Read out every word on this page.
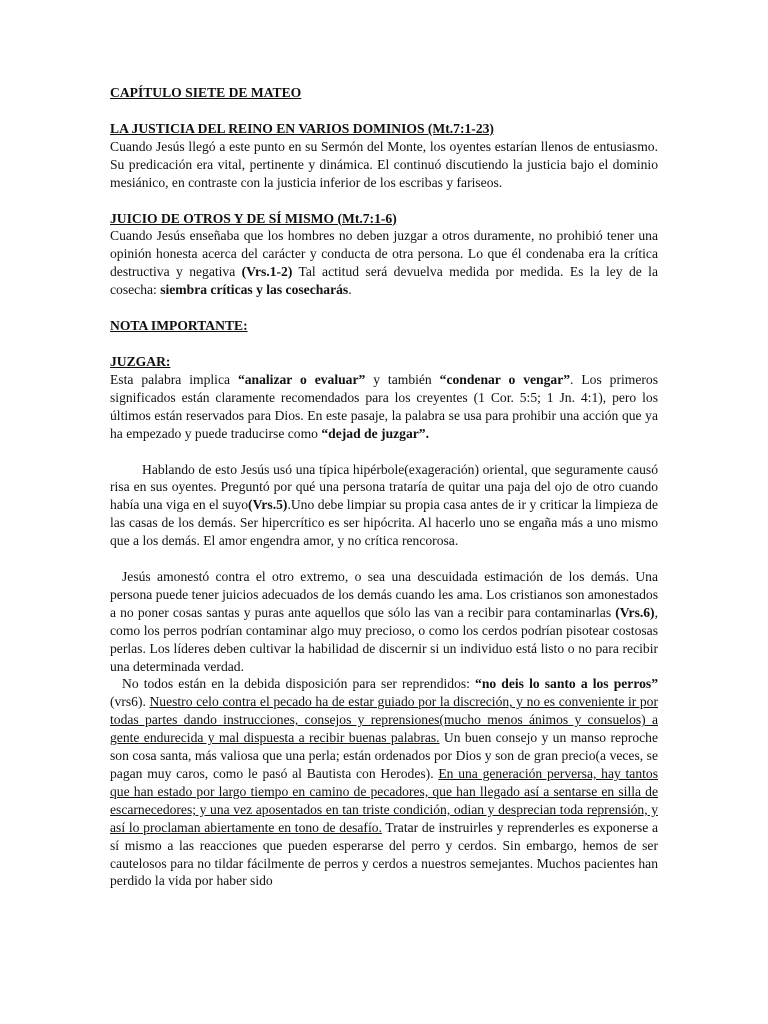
CAPÍTULO SIETE DE MATEO

LA JUSTICIA DEL REINO EN VARIOS DOMINIOS (Mt.7:1-23)

Cuando Jesús llegó a este punto en su Sermón del Monte, los oyentes estarían llenos de entusiasmo. Su predicación era vital, pertinente y dinámica. El continuó discutiendo la justicia bajo el dominio mesiánico, en contraste con la justicia inferior de los escribas y fariseos.

JUICIO DE OTROS Y DE SÍ MISMO (Mt.7:1-6)

Cuando Jesús enseñaba que los hombres no deben juzgar a otros duramente, no prohibió tener una opinión honesta acerca del carácter y conducta de otra persona. Lo que él condenaba era la crítica destructiva y negativa (Vrs.1-2) Tal actitud será devuelva medida por medida. Es la ley de la cosecha: siembra críticas y las cosecharás.

NOTA IMPORTANTE:

JUZGAR:

Esta palabra implica “analizar o evaluar” y también “condenar o vengar”. Los primeros significados están claramente recomendados para los creyentes (1 Cor. 5:5; 1 Jn. 4:1), pero los últimos están reservados para Dios. En este pasaje, la palabra se usa para prohibir una acción que ya ha empezado y puede traducirse como “dejad de juzgar”.

Hablando de esto Jesús usó una típica hipérbole(exageración) oriental, que seguramente causó risa en sus oyentes. Preguntó por qué una persona trataría de quitar una paja del ojo de otro cuando había una viga en el suyo(Vrs.5).Uno debe limpiar su propia casa antes de ir y criticar la limpieza de las casas de los demás. Ser hipercrítico es ser hipócrita. Al hacerlo uno se engaña más a uno mismo que a los demás. El amor engendra amor, y no crítica rencorosa.

Jesús amonestó contra el otro extremo, o sea una descuidada estimación de los demás. Una persona puede tener juicios adecuados de los demás cuando les ama. Los cristianos son amonestados a no poner cosas santas y puras ante aquellos que sólo las van a recibir para contaminarlas (Vrs.6), como los perros podrían contaminar algo muy precioso, o como los cerdos podrían pisotear costosas perlas. Los líderes deben cultivar la habilidad de discernir si un individuo está listo o no para recibir una determinada verdad.

No todos están en la debida disposición para ser reprendidos: “no deis lo santo a los perros” (vrs6). Nuestro celo contra el pecado ha de estar guiado por la discreción, y no es conveniente ir por todas partes dando instrucciones, consejos y reprensiones(mucho menos ánimos y consuelos) a gente endurecida y mal dispuesta a recibir buenas palabras. Un buen consejo y un manso reproche son cosa santa, más valiosa que una perla; están ordenados por Dios y son de gran precio(a veces, se pagan muy caros, como le pasó al Bautista con Herodes). En una generación perversa, hay tantos que han estado por largo tiempo en camino de pecadores, que han llegado así a sentarse en silla de escarnecedores; y una vez aposentados en tan triste condición, odian y desprecian toda reprensión, y así lo proclaman abiertamente en tono de desafío. Tratar de instruirles y reprenderles es exponerse a sí mismo a las reacciones que pueden esperarse del perro y cerdos. Sin embargo, hemos de ser cautelosos para no tildar fácilmente de perros y cerdos a nuestros semejantes. Muchos pacientes han perdido la vida por haber sido
